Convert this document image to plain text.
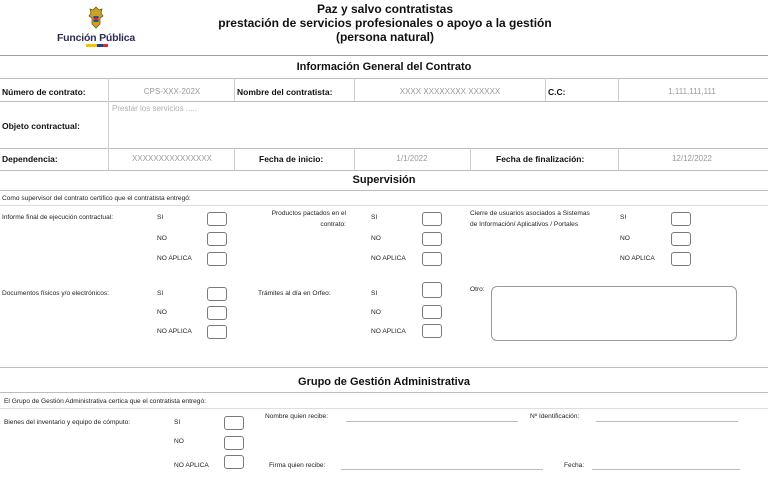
Función Pública
Paz y salvo contratistas
prestación de servicios profesionales o apoyo a la gestión
(persona natural)
Información General del Contrato
Número de contrato:	CPS-XXX-202X	Nombre del contratista:	XXXX XXXXXXXX XXXXXX	C.C:	1,111,111,111
Objeto contractual:
Prestar los servicios .....
Dependencia:	XXXXXXXXXXXXXXX	Fecha de inicio:	1/1/2022	Fecha de finalización:	12/12/2022
Supervisión
Como supervisor del contrato certifico que el contratista entregó:
Informe final de ejecución contractual:	SI
NO
NO APLICA
Productos pactados en el
contrato:
SI
NO
NO APLICA
Cierre de usuarios asociados a Sistemas
de Información/ Aplicativos / Portales
SI
NO
NO APLICA
Documentos físicos y/o electrónicos:	SI
NO
NO APLICA
Trámites al día en Orfeo:	SI
NO
NO APLICA
Otro:
Grupo de Gestión Administrativa
El Grupo de Gestión Administrativa certica que el contratista entregó:
Bienes del inventario y equipo de cómputo:	SI
NO
NO APLICA
Nombre quien recibe:	Nº Identificación:
Firma quien recibe:	Fecha:
